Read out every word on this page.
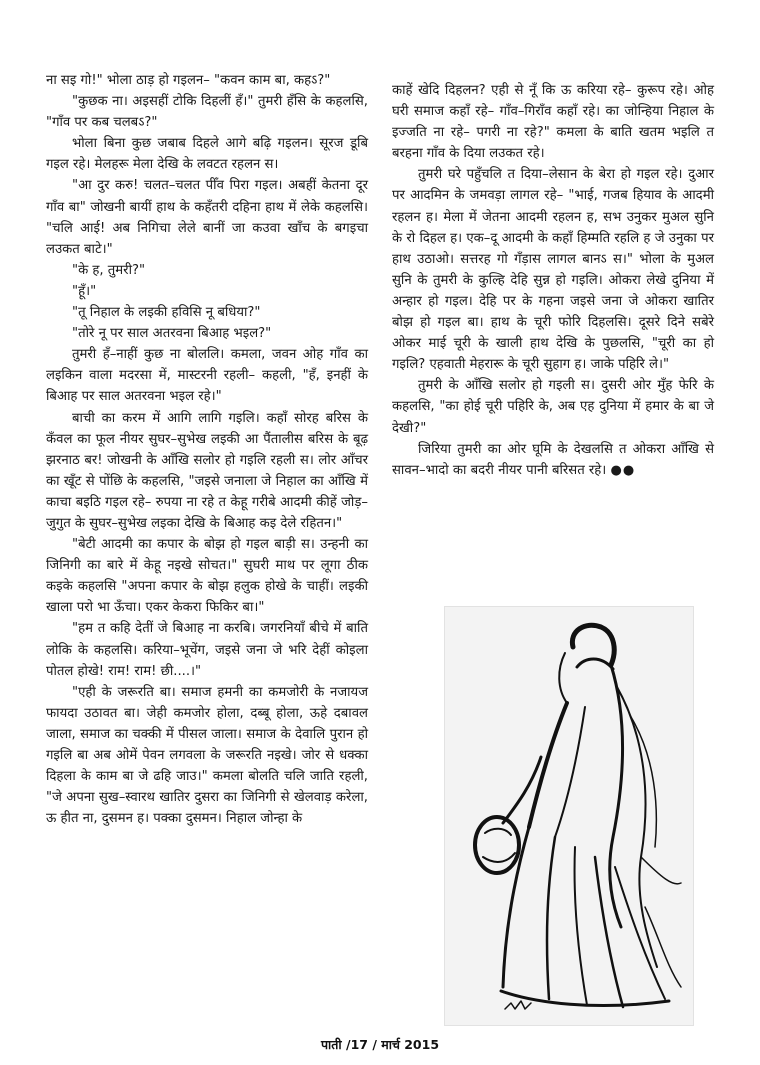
ना सइ गो!" भोला ठाड़ हो गइलन– "कवन काम बा, कहऽ?"

"कुछक ना। अइसहीं टोकि दिहलीं हँ।" तुमरी हँसि के कहलसि, "गाँव पर कब चलबऽ?"

भोला बिना कुछ जबाब दिहले आगे बढ़ि गइलन। सूरज डूबि गइल रहे। मेलहरू मेला देखि के लवटत रहलन स।

"आ दुर करु! चलत–चलत पीँव पिरा गइल। अबहीं केतना दूर गाँव बा" जोखनी बायीं हाथ के कहँतरी दहिना हाथ में लेके कहलसि। "चलि आई! अब निगिचा लेले बानीं जा कउवा खाँच के बगइचा लउकत बाटे।"

"के ह, तुमरी?"

"हूँ।"

"तू निहाल के लइकी हविसि नू बधिया?"

"तोरे नू पर साल अतरवना बिआह भइल?"

तुमरी हँ–नाहीं कुछ ना बोललि। कमला, जवन ओह गाँव का लइकिन वाला मदरसा में, मास्टरनी रहली– कहली, "हँ, इनहीं के बिआह पर साल अतरवना भइल रहे।"

बाची का करम में आगि लागि गइलि। कहाँ सोरह बरिस के कँवल का फूल नीयर सुघर–सुभेख लइकी आ पैंतालीस बरिस के बूढ़ झरनाठ बर! जोखनी के आँखि सलोर हो गइलि रहली स। लोर आँचर का खूँट से पोंछि के कहलसि, "जइसे जनाला जे निहाल का आँखि में काचा बइठि गइल रहे– रुपया ना रहे त केहू गरीबे आदमी कीहें जोड़–जुगुत के सुघर–सुभेख लइका देखि के बिआह कइ देले रहितन।"

"बेटी आदमी का कपार के बोझ हो गइल बाड़ी स। उन्हनी का जिनिगी का बारे में केहू नइखे सोचत।" सुघरी माथ पर लूगा ठीक कइके कहलसि "अपना कपार के बोझ हलुक होखे के चाहीं। लइकी खाला परो भा ऊँचा। एकर केकरा फिकिर बा।"

"हम त कहि देतीं जे बिआह ना करबि। जगरनियाँ बीचे में बाति लोकि के कहलसि। करिया–भूचेंग, जइसे जना जे भरि देहीं कोइला पोतल होखे! राम! राम! छी....।"

"एही के जरूरति बा। समाज हमनी का कमजोरी के नजायज फायदा उठावत बा। जेही कमजोर होला, दब्बू होला, ऊहे दबावल जाला, समाज का चक्की में पीसल जाला। समाज के देवालि पुरान हो गइलि बा अब ओमें पेवन लगवला के जरूरति नइखे। जोर से धक्का दिहला के काम बा जे ढहि जाउ।" कमला बोलति चलि जाति रहली, "जे अपना सुख–स्वारथ खातिर दुसरा का जिनिगी से खेलवाड़ करेला, ऊ हीत ना, दुसमन ह। पक्का दुसमन। निहाल जोन्हा के

काहें खेदि दिहलन? एही से नूँ कि ऊ करिया रहे– कुरूप रहे। ओह घरी समाज कहाँ रहे– गाँव–गिराँव कहाँ रहे। का जोन्हिया निहाल के इज्जति ना रहे– पगरी ना रहे?" कमला के बाति खतम भइलि त बरहना गाँव के दिया लउकत रहे।

तुमरी घरे पहुँचलि त दिया–लेसान के बेरा हो गइल रहे। दुआर पर आदमिन के जमवड़ा लागल रहे– "भाई, गजब हियाव के आदमी रहलन ह। मेला में जेतना आदमी रहलन ह, सभ उनुकर मुअल सुनि के रो दिहल ह। एक–दू आदमी के कहाँ हिम्मति रहलि ह जे उनुका पर हाथ उठाओ। सत्तरह गो गँड़ास लागल बानऽ स।" भोला के मुअल सुनि के तुमरी के कुल्हि देहि सुन्न हो गइलि। ओकरा लेखे दुनिया में अन्हार हो गइल। देहि पर के गहना जइसे जना जे ओकरा खातिर बोझ हो गइल बा। हाथ के चूरी फोरि दिहलसि। दूसरे दिने सबेरे ओकर माई चूरी के खाली हाथ देखि के पुछलसि, "चूरी का हो गइलि? एहवाती मेहरारू के चूरी सुहाग ह। जाके पहिरि ले।"

तुमरी के आँखि सलोर हो गइली स। दुसरी ओर मुँह फेरि के कहलसि, "का होई चूरी पहिरि के, अब एह दुनिया में हमार के बा जे देखी?"

जिरिया तुमरी का ओर घूमि के देखलसि त ओकरा आँखि से सावन–भादो का बदरी नीयर पानी बरिसत रहे। ●●

पाती /17 / मार्च 2015
